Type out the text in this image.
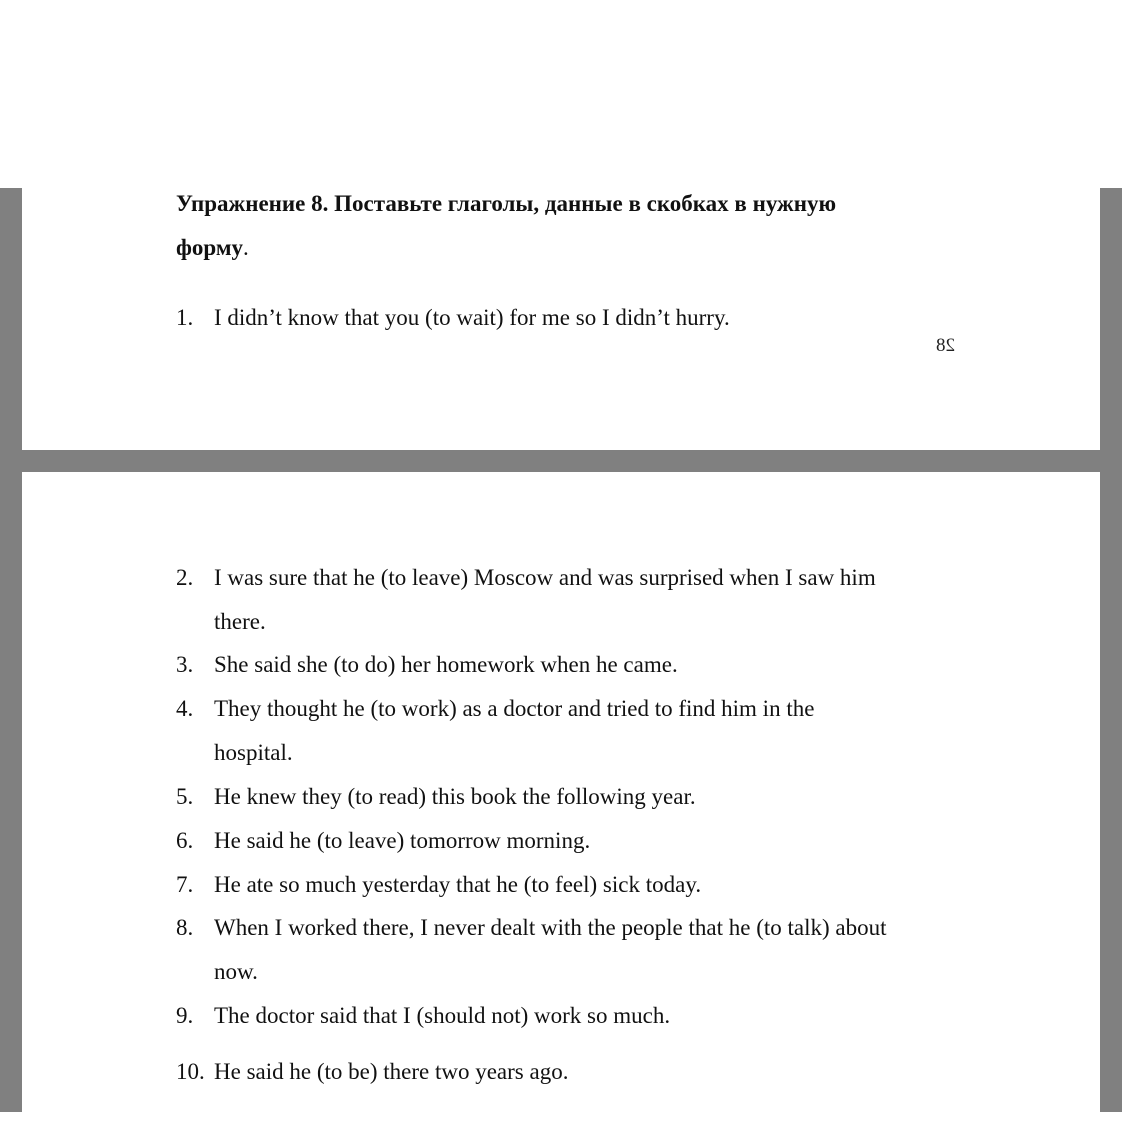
Упражнение 8. Поставьте глаголы, данные в скобках в нужную
форму.

1. I didn’t know that you (to wait) for me so I didn’t hurry.
28
2. I was sure that he (to leave) Moscow and was surprised when I saw him
there.
3. She said she (to do) her homework when he came.
4. They thought he (to work) as a doctor and tried to find him in the
hospital.
5. He knew they (to read) this book the following year.
6. He said he (to leave) tomorrow morning.
7. He ate so much yesterday that he (to feel) sick today.
8. When I worked there, I never dealt with the people that he (to talk) about
now.
9. The doctor said that I (should not) work so much.
10. He said he (to be) there two years ago.
